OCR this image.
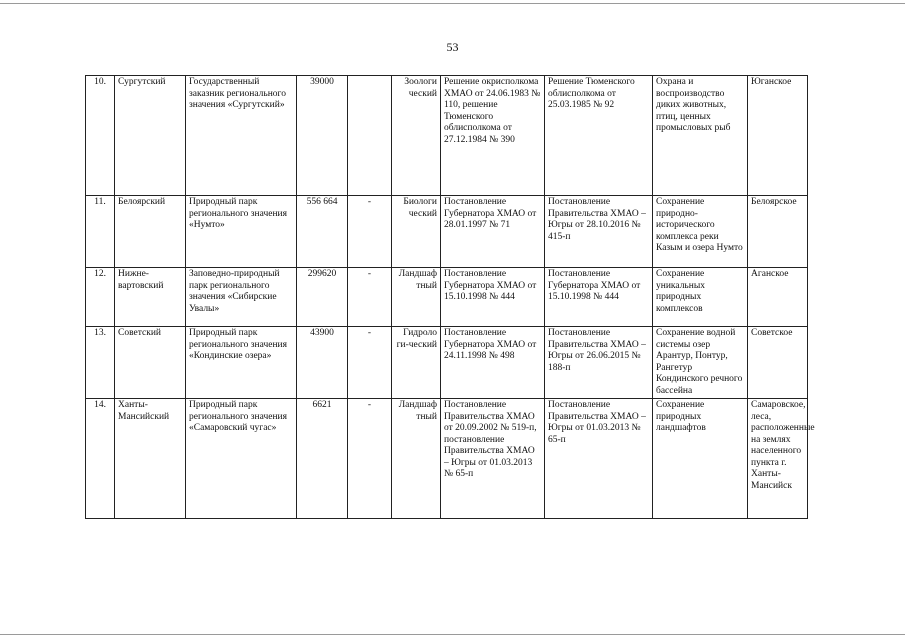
53
10.	Сургутский	Государственный заказник регионального значения «Сургутский»	39000		Зоологи ческий	Решение окрисполкома ХМАО от 24.06.1983 № 110, решение Тюменского облисполкома от 27.12.1984 № 390	Решение Тюменского облисполкома от 25.03.1985 № 92	Охрана и воспроизводство диких животных, птиц, ценных промысловых рыб	Юганское
11.	Белоярский	Природный парк регионального значения «Нумто»	556 664	-	Биологи ческий	Постановление Губернатора ХМАО от 28.01.1997 № 71	Постановление Правительства ХМАО – Югры от 28.10.2016 № 415-п	Сохранение природно-исторического комплекса реки Казым и озера Нумто	Белоярское
12.	Нижне-вартовский	Заповедно-природный парк регионального значения «Сибирские Увалы»	299620	-	Ландшаф тный	Постановление Губернатора ХМАО от 15.10.1998 № 444	Постановление Губернатора ХМАО от 15.10.1998 № 444	Сохранение уникальных природных комплексов	Аганское
13.	Советский	Природный парк регионального значения «Кондинские озера»	43900	-	Гидроло ги-ческий	Постановление Губернатора ХМАО от 24.11.1998 № 498	Постановление Правительства ХМАО – Югры от 26.06.2015 № 188-п	Сохранение водной системы озер Арантур, Понтур, Рангетур Кондинского речного бассейна	Советское
14.	Ханты-Мансийский	Природный парк регионального значения «Самаровский чугас»	6621	-	Ландшаф тный	Постановление Правительства ХМАО от 20.09.2002 № 519-п, постановление Правительства ХМАО – Югры от 01.03.2013 № 65-п	Постановление Правительства ХМАО – Югры от 01.03.2013 № 65-п	Сохранение природных ландшафтов	Самаровское, леса, расположенные на землях населенного пункта г. Ханты-Мансийск
